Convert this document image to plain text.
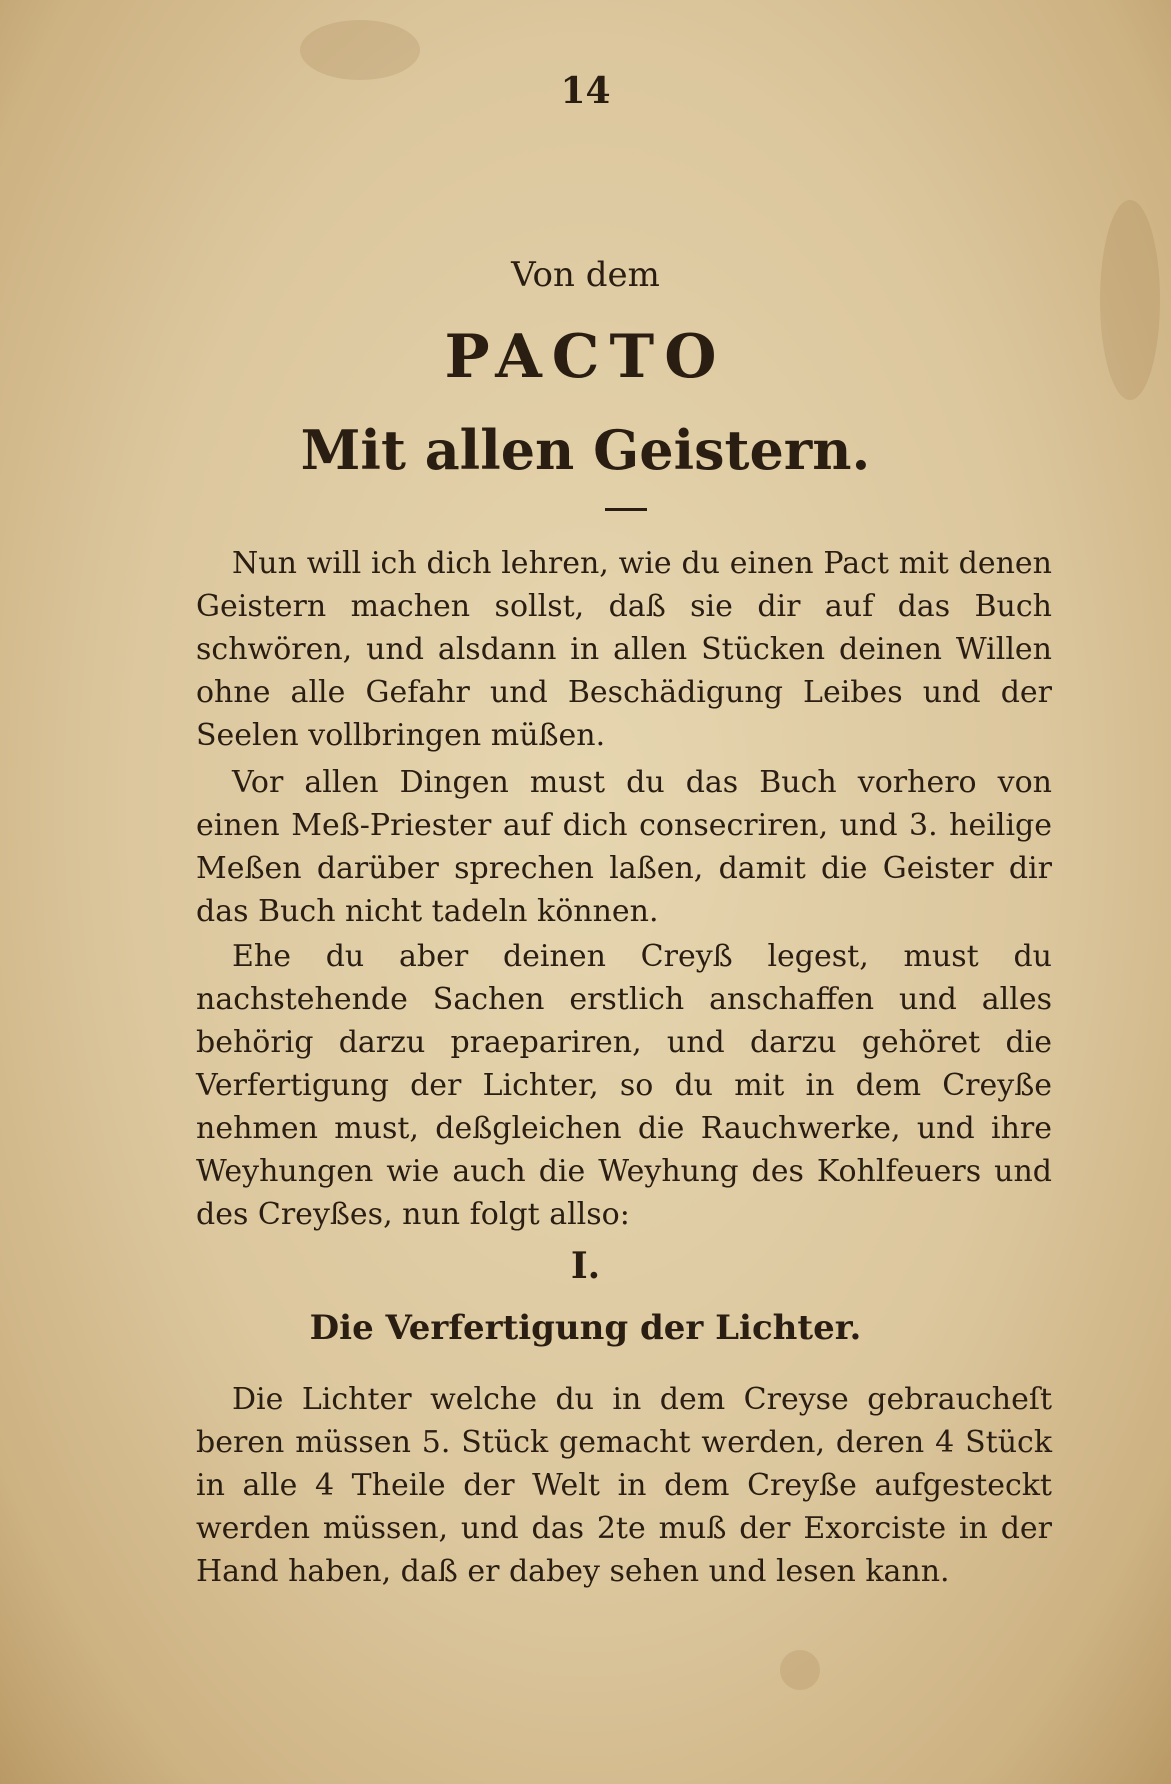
14
Von dem
PACTO
Mit allen Geistern.

Nun will ich dich lehren, wie du einen Pact mit denen Geistern machen sollst, daß sie dir auf das Buch schwören, und alsdann in allen Stücken deinen Willen ohne alle Gefahr und Beschädigung Leibes und der Seelen vollbringen müßen.

Vor allen Dingen must du das Buch vorhero von einen Meß-Priester auf dich consecriren, und 3. heilige Meßen darüber sprechen laßen, damit die Geister dir das Buch nicht tadeln können.

Ehe du aber deinen Creyß legest, must du nachstehende Sachen erstlich anschaffen und alles behörig darzu praepariren, und darzu gehöret die Verfertigung der Lichter, so du mit in dem Creyße nehmen must, deßgleichen die Rauchwerke, und ihre Weyhungen wie auch die Weyhung des Kohlfeuers und des Creyßes, nun folgt allso:

I.
Die Verfertigung der Lichter.

Die Lichter welche du in dem Creyse gebraucheſt beren müssen 5. Stück gemacht werden, deren 4 Stück in alle 4 Theile der Welt in dem Creyße aufgesteckt werden müssen, und das 2te muß der Exorciste in der Hand haben, daß er dabey sehen und lesen kann.
